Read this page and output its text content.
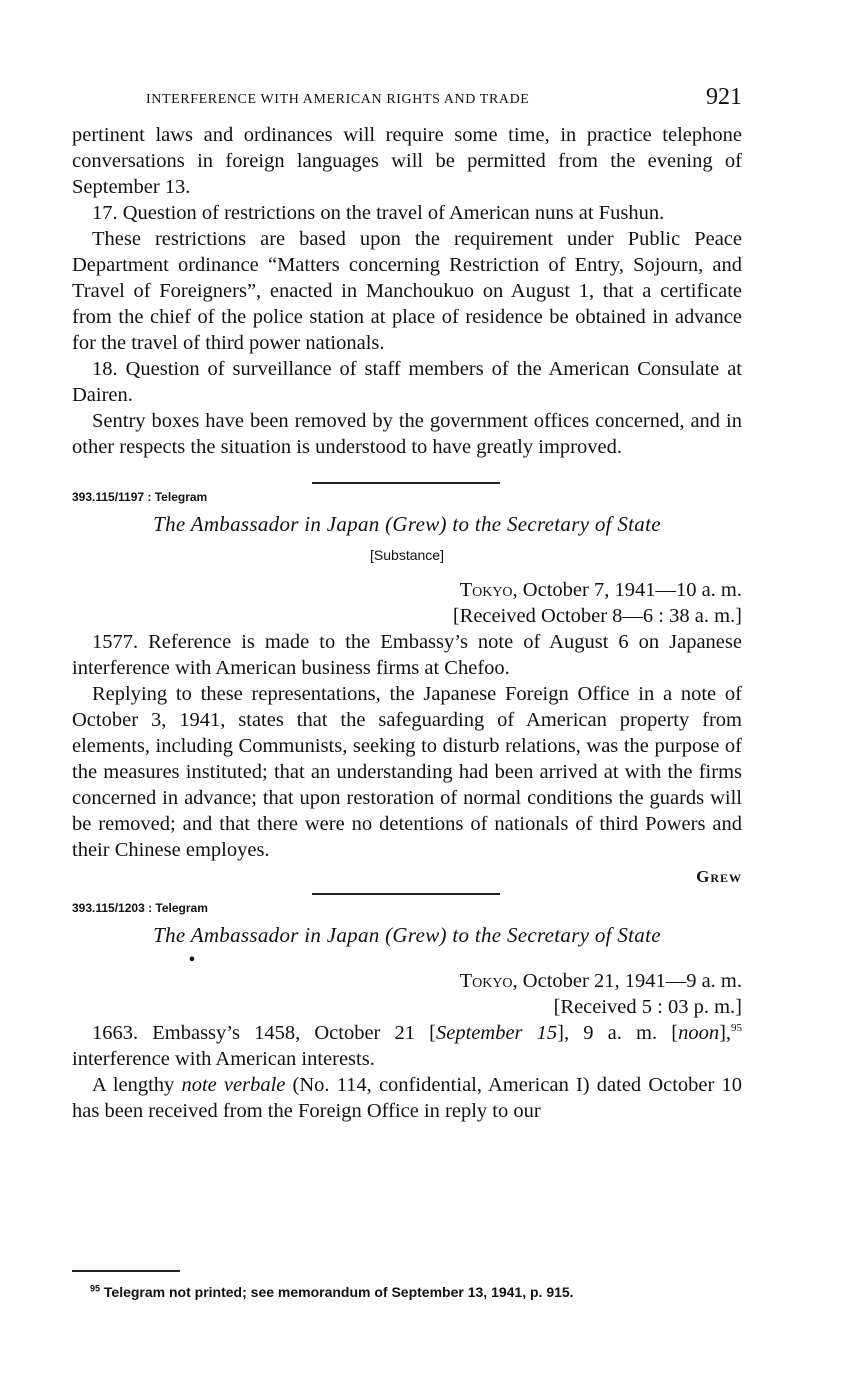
INTERFERENCE WITH AMERICAN RIGHTS AND TRADE	921

pertinent laws and ordinances will require some time, in practice telephone conversations in foreign languages will be permitted from the evening of September 13.

17. Question of restrictions on the travel of American nuns at Fushun.

These restrictions are based upon the requirement under Public Peace Department ordinance “Matters concerning Restriction of Entry, Sojourn, and Travel of Foreigners”, enacted in Manchoukuo on August 1, that a certificate from the chief of the police station at place of residence be obtained in advance for the travel of third power nationals.

18. Question of surveillance of staff members of the American Consulate at Dairen.

Sentry boxes have been removed by the government offices concerned, and in other respects the situation is understood to have greatly improved.

393.115/1197 : Telegram
The Ambassador in Japan (Grew) to the Secretary of State
[Substance]
Tokyo, October 7, 1941—10 a. m.
[Received October 8—6 : 38 a. m.]

1577. Reference is made to the Embassy’s note of August 6 on Japanese interference with American business firms at Chefoo.

Replying to these representations, the Japanese Foreign Office in a note of October 3, 1941, states that the safeguarding of American property from elements, including Communists, seeking to disturb relations, was the purpose of the measures instituted; that an understanding had been arrived at with the firms concerned in advance; that upon restoration of normal conditions the guards will be removed; and that there were no detentions of nationals of third Powers and their Chinese employes.

Grew
393.115/1203 : Telegram
The Ambassador in Japan (Grew) to the Secretary of State
•
Tokyo, October 21, 1941—9 a. m.
[Received 5 : 03 p. m.]

1663. Embassy’s 1458, October 21 [September 15], 9 a. m. [noon],$^{95}$ interference with American interests.

A lengthy note verbale (No. 114, confidential, American I) dated October 10 has been received from the Foreign Office in reply to our

$^{95}$ Telegram not printed; see memorandum of September 13, 1941, p. 915.
